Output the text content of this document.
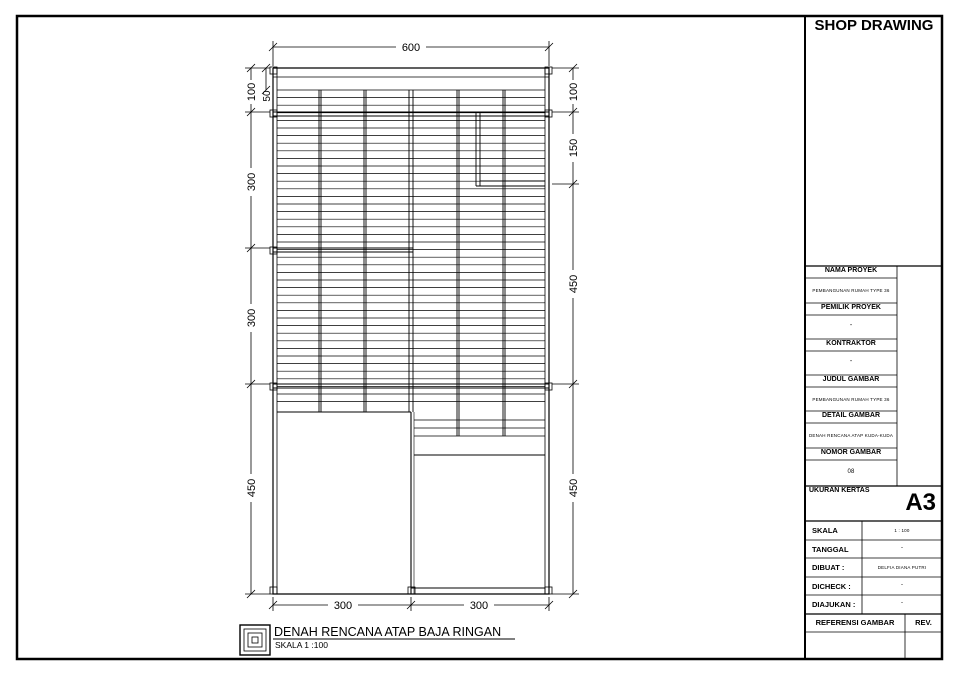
600
100 50
300
300
450
100
150
450
450
300	300
DENAH RENCANA ATAP BAJA RINGAN
SKALA 1 :100
SHOP DRAWING
NAMA PROYEK
PEMBANGUNAN RUMAH TYPE 36
PEMILIK PROYEK
-
KONTRAKTOR
-
JUDUL GAMBAR
PEMBANGUNAN RUMAH TYPE 36
DETAIL GAMBAR
DENAH RENCANA ATAP KUDA-KUDA
NOMOR GAMBAR
08
UKURAN KERTAS	A3
SKALA	1 : 100
TANGGAL	-
DIBUAT :	DELFIA DIANA PUTRI
DICHECK :	-
DIAJUKAN :	-
REFERENSI GAMBAR	REV.
